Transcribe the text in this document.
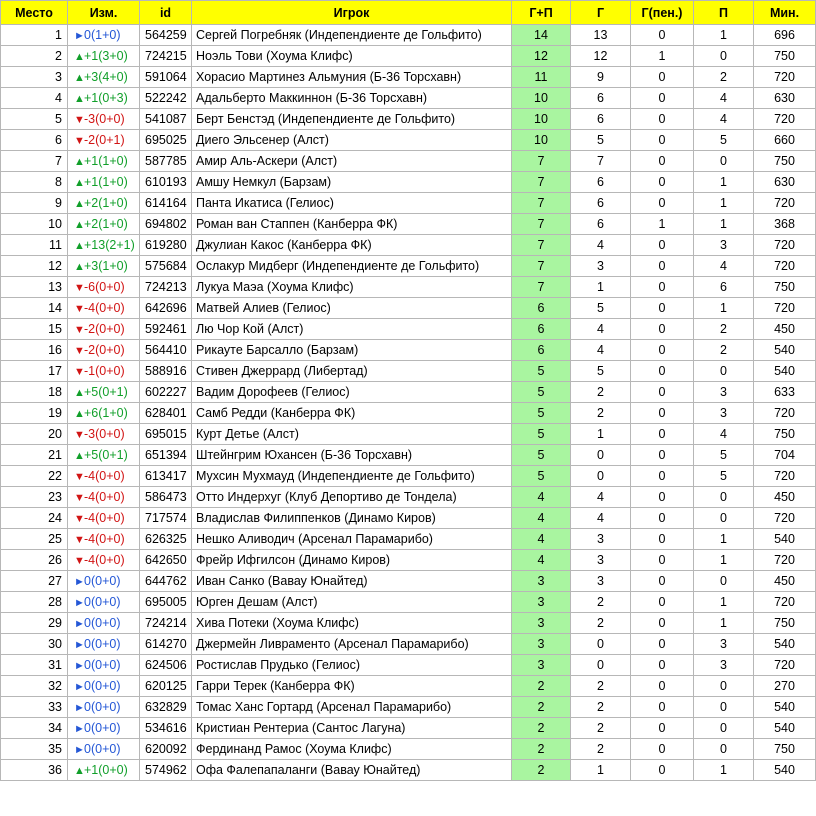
Место	Изм.	id	Игрок	Г+П	Г	Г(пен.)	П	Мин.
1	►0(1+0)	564259	Сергей Погребняк (Индепендиенте де Гольфито)	14	13	0	1	696
2	▲+1(3+0)	724215	Ноэль Тови (Хоума Клифс)	12	12	1	0	750
3	▲+3(4+0)	591064	Хорасио Мартинез Альмуния (Б-36 Торсхавн)	11	9	0	2	720
4	▲+1(0+3)	522242	Адальберто Маккиннон (Б-36 Торсхавн)	10	6	0	4	630
5	▼-3(0+0)	541087	Берт Бенстэд (Индепендиенте де Гольфито)	10	6	0	4	720
6	▼-2(0+1)	695025	Диего Эльсенер (Алст)	10	5	0	5	660
7	▲+1(1+0)	587785	Амир Аль-Аскери (Алст)	7	7	0	0	750
8	▲+1(1+0)	610193	Амшу Немкул (Барзам)	7	6	0	1	630
9	▲+2(1+0)	614164	Панта Икатиса (Гелиос)	7	6	0	1	720
10	▲+2(1+0)	694802	Роман ван Стаппен (Канберра ФК)	7	6	1	1	368
11	▲+13(2+1)	619280	Джулиан Какос (Канберра ФК)	7	4	0	3	720
12	▲+3(1+0)	575684	Ослакур Мидберг (Индепендиенте де Гольфито)	7	3	0	4	720
13	▼-6(0+0)	724213	Лукуа Маэа (Хоума Клифс)	7	1	0	6	750
14	▼-4(0+0)	642696	Матвей Алиев (Гелиос)	6	5	0	1	720
15	▼-2(0+0)	592461	Лю Чор Кой (Алст)	6	4	0	2	450
16	▼-2(0+0)	564410	Рикаутe Барсалло (Барзам)	6	4	0	2	540
17	▼-1(0+0)	588916	Стивен Джеррард (Либертад)	5	5	0	0	540
18	▲+5(0+1)	602227	Вадим Дорофеев (Гелиос)	5	2	0	3	633
19	▲+6(1+0)	628401	Самб Редди (Канберра ФК)	5	2	0	3	720
20	▼-3(0+0)	695015	Курт Детье (Алст)	5	1	0	4	750
21	▲+5(0+1)	651394	Штейнгрим Юхансен (Б-36 Торсхавн)	5	0	0	5	704
22	▼-4(0+0)	613417	Мухсин Мухмауд (Индепендиенте де Гольфито)	5	0	0	5	720
23	▼-4(0+0)	586473	Отто Индерхуг (Клуб Депортиво де Тондела)	4	4	0	0	450
24	▼-4(0+0)	717574	Владислав Филиппенков (Динамо Киров)	4	4	0	0	720
25	▼-4(0+0)	626325	Нешко Аливодич (Арсенал Парамарибо)	4	3	0	1	540
26	▼-4(0+0)	642650	Фрейр Ифгилсон (Динамо Киров)	4	3	0	1	720
27	►0(0+0)	644762	Иван Санко (Вавау Юнайтед)	3	3	0	0	450
28	►0(0+0)	695005	Юрген Дешам (Алст)	3	2	0	1	720
29	►0(0+0)	724214	Хива Потеки (Хоума Клифс)	3	2	0	1	750
30	►0(0+0)	614270	Джермейн Ливраменто (Арсенал Парамарибо)	3	0	0	3	540
31	►0(0+0)	624506	Ростислав Прудько (Гелиос)	3	0	0	3	720
32	►0(0+0)	620125	Гарри Терек (Канберра ФК)	2	2	0	0	270
33	►0(0+0)	632829	Томас Ханс Гортард (Арсенал Парамарибо)	2	2	0	0	540
34	►0(0+0)	534616	Кристиан Рентериа (Сантос Лагуна)	2	2	0	0	540
35	►0(0+0)	620092	Фердинанд Рамос (Хоума Клифс)	2	2	0	0	750
36	▲+1(0+0)	574962	Офа Фалепапаланги (Вавау Юнайтед)	2	1	0	1	540
